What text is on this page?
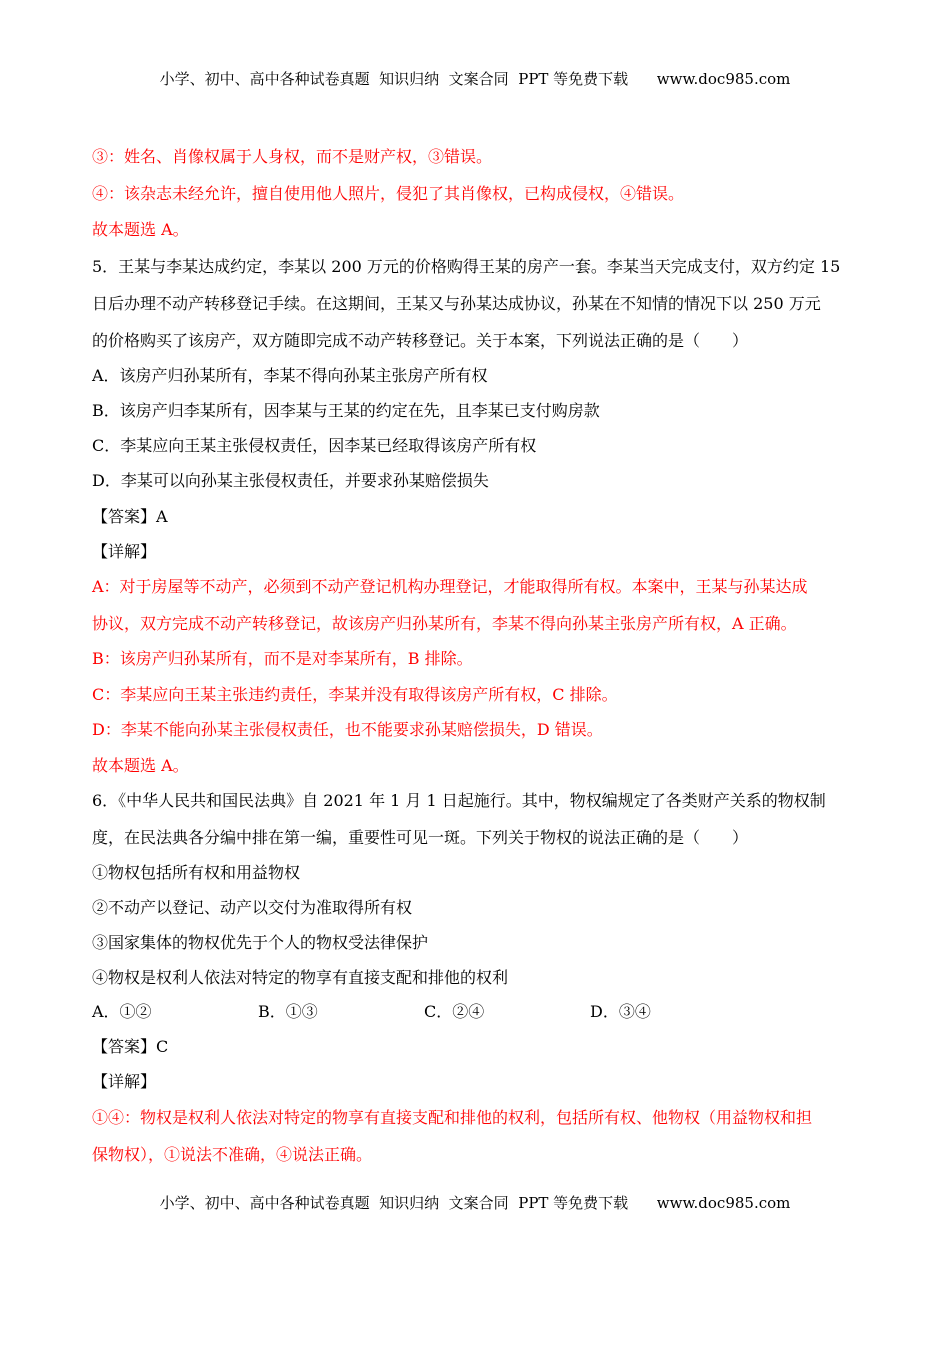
小学、初中、高中各种试卷真题  知识归纳  文案合同  PPT 等免费下载      www.doc985.com
③：姓名、肖像权属于人身权，而不是财产权，③错误。
④：该杂志未经允许，擅自使用他人照片，侵犯了其肖像权，已构成侵权，④错误。
故本题选 A。
5．王某与李某达成约定，李某以 200 万元的价格购得王某的房产一套。李某当天完成支付，双方约定 15
日后办理不动产转移登记手续。在这期间，王某又与孙某达成协议，孙某在不知情的情况下以 250 万元
的价格购买了该房产，双方随即完成不动产转移登记。关于本案，下列说法正确的是（　　）
A．该房产归孙某所有，李某不得向孙某主张房产所有权
B．该房产归李某所有，因李某与王某的约定在先，且李某已支付购房款
C．李某应向王某主张侵权责任，因李某已经取得该房产所有权
D．李某可以向孙某主张侵权责任，并要求孙某赔偿损失
【答案】A
【详解】
A：对于房屋等不动产，必须到不动产登记机构办理登记，才能取得所有权。本案中，王某与孙某达成
协议，双方完成不动产转移登记，故该房产归孙某所有，李某不得向孙某主张房产所有权，A 正确。
B：该房产归孙某所有，而不是对李某所有，B 排除。
C：李某应向王某主张违约责任，李某并没有取得该房产所有权，C 排除。
D：李某不能向孙某主张侵权责任，也不能要求孙某赔偿损失，D 错误。
故本题选 A。
6．《中华人民共和国民法典》自 2021 年 1 月 1 日起施行。其中，物权编规定了各类财产关系的物权制
度，在民法典各分编中排在第一编，重要性可见一斑。下列关于物权的说法正确的是（　　）
①物权包括所有权和用益物权
②不动产以登记、动产以交付为准取得所有权
③国家集体的物权优先于个人的物权受法律保护
④物权是权利人依法对特定的物享有直接支配和排他的权利
A．①②	B．①③	C．②④	D．③④
【答案】C
【详解】
①④：物权是权利人依法对特定的物享有直接支配和排他的权利，包括所有权、他物权（用益物权和担
保物权），①说法不准确，④说法正确。
小学、初中、高中各种试卷真题  知识归纳  文案合同  PPT 等免费下载      www.doc985.com
